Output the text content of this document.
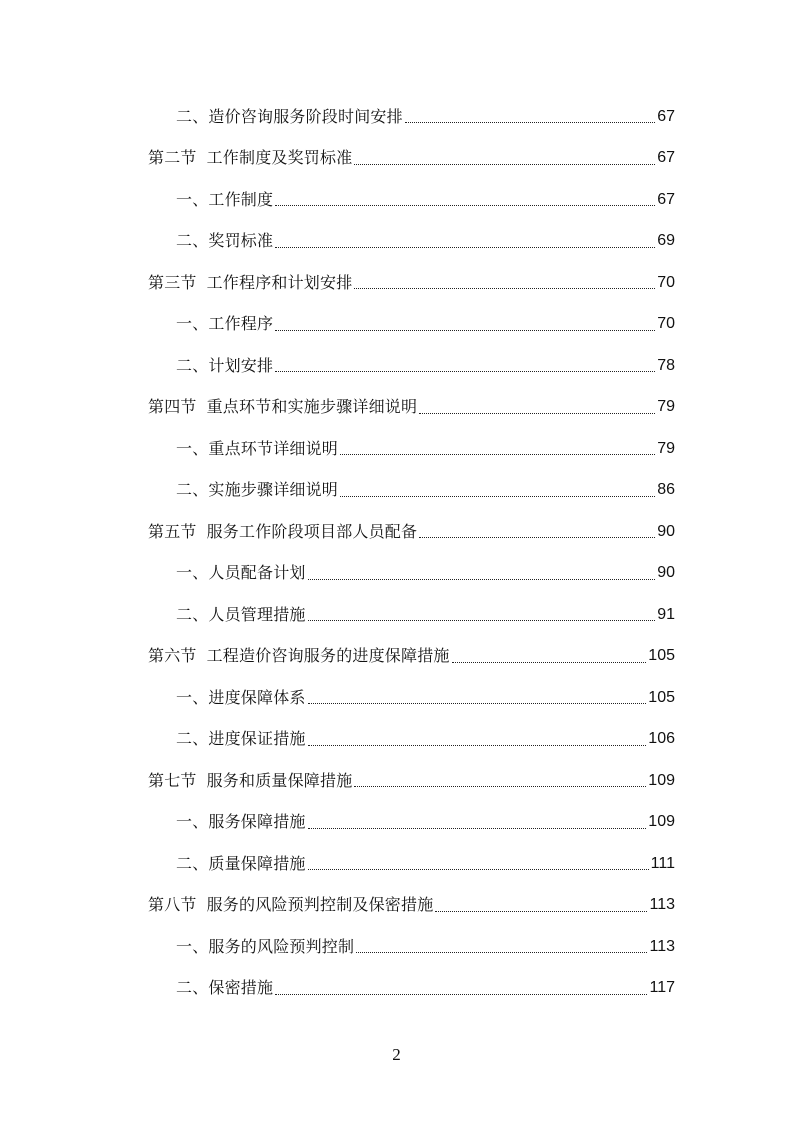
二、造价咨询服务阶段时间安排	67
第二节 工作制度及奖罚标准	67
一、工作制度	67
二、奖罚标准	69
第三节 工作程序和计划安排	70
一、工作程序	70
二、计划安排	78
第四节 重点环节和实施步骤详细说明	79
一、重点环节详细说明	79
二、实施步骤详细说明	86
第五节 服务工作阶段项目部人员配备	90
一、人员配备计划	90
二、人员管理措施	91
第六节 工程造价咨询服务的进度保障措施	105
一、进度保障体系	105
二、进度保证措施	106
第七节 服务和质量保障措施	109
一、服务保障措施	109
二、质量保障措施	111
第八节 服务的风险预判控制及保密措施	113
一、服务的风险预判控制	113
二、保密措施	117
2
